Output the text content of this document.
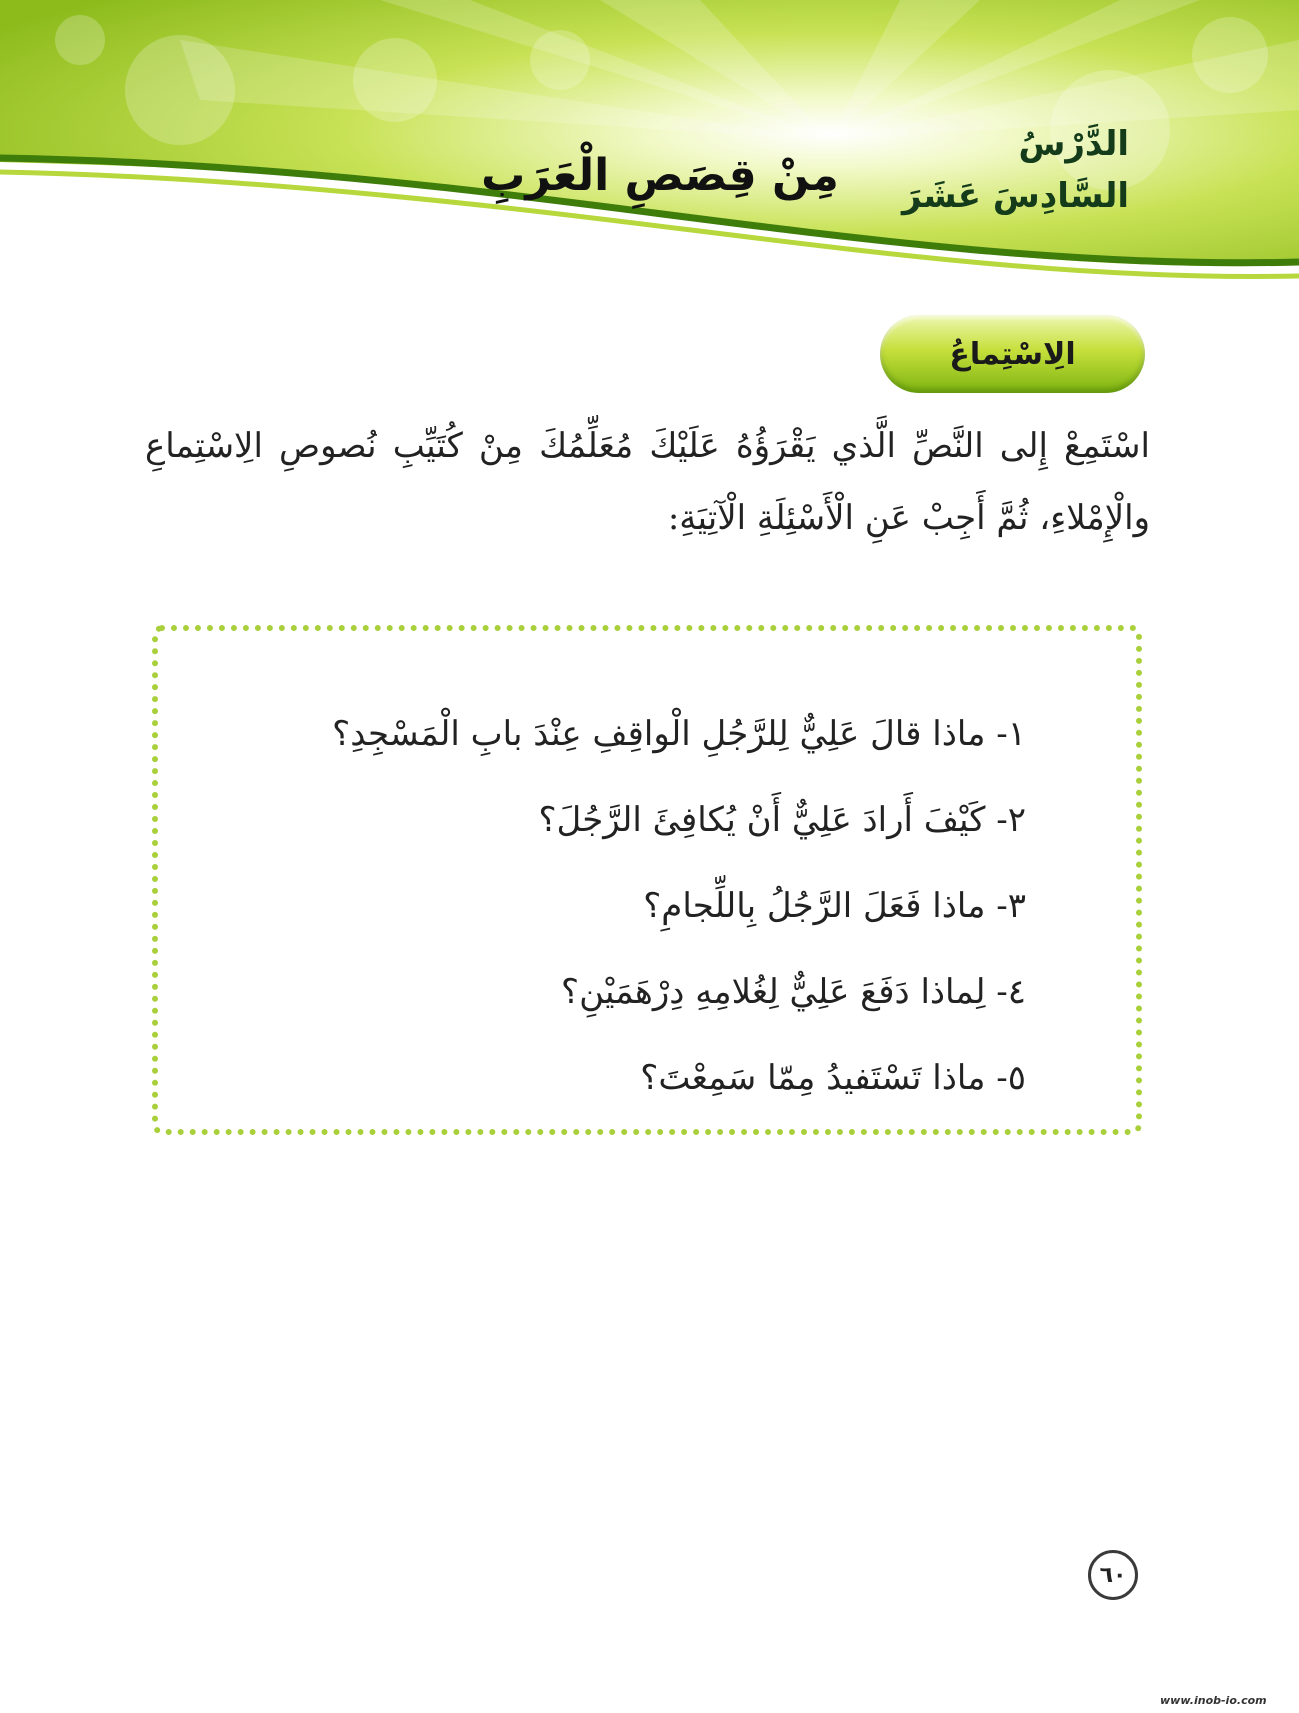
الدَّرْسُ
السَّادِسَ عَشَرَ
مِنْ قِصَصِ الْعَرَبِ
الِاسْتِماعُ
اسْتَمِعْ إِلى النَّصِّ الَّذي يَقْرَؤُهُ عَلَيْكَ مُعَلِّمُكَ مِنْ كُتَيِّبِ نُصوصِ الِاسْتِماعِ والْإِمْلاءِ، ثُمَّ أَجِبْ عَنِ الْأَسْئِلَةِ الْآتِيَةِ:
١- ماذا قالَ عَلِيٌّ لِلرَّجُلِ الْواقِفِ عِنْدَ بابِ الْمَسْجِدِ؟
٢- كَيْفَ أَرادَ عَلِيٌّ أَنْ يُكافِئَ الرَّجُلَ؟
٣- ماذا فَعَلَ الرَّجُلُ بِاللِّجامِ؟
٤- لِماذا دَفَعَ عَلِيٌّ لِغُلامِهِ دِرْهَمَيْنِ؟
٥- ماذا تَسْتَفيدُ مِمّا سَمِعْتَ؟
٦٠
www.inob-io.com
